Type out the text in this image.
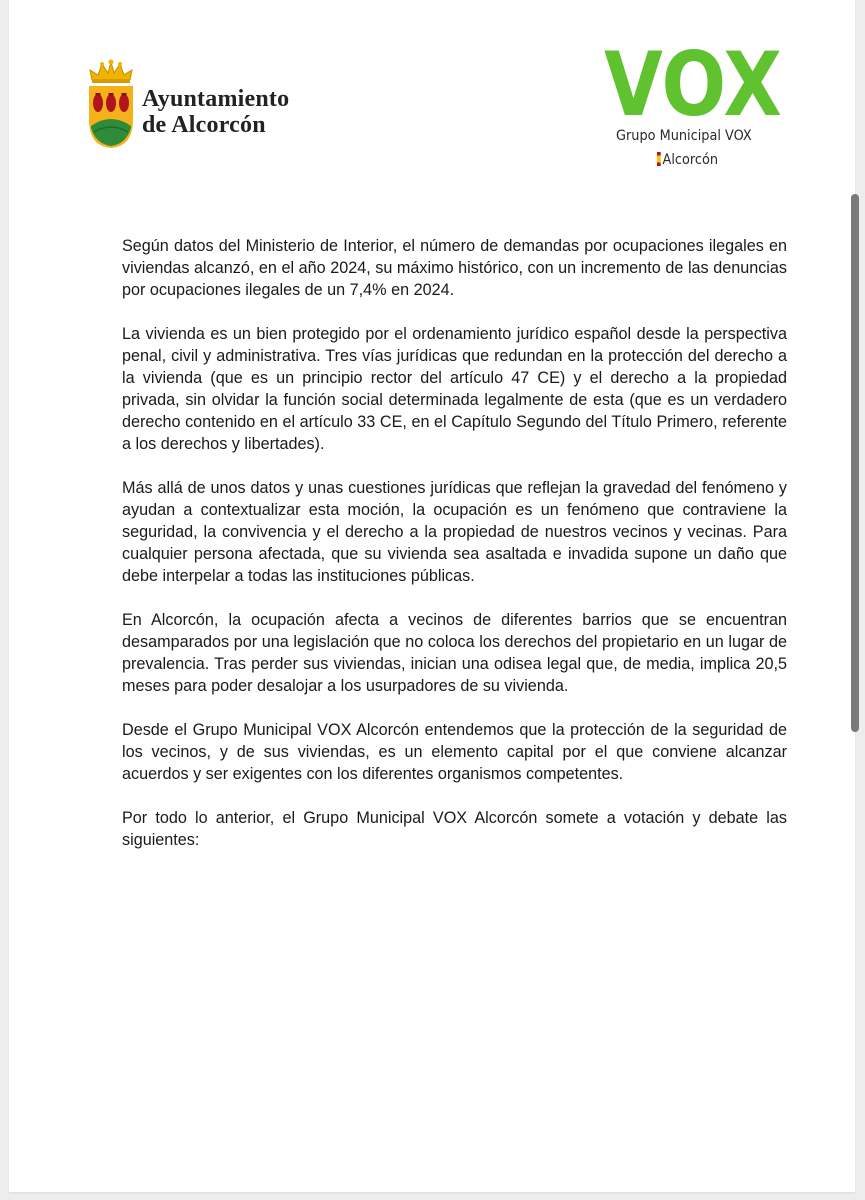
Ayuntamiento
de Alcorcón	VOX
Grupo Municipal VOX
Alcorcón

Según datos del Ministerio de Interior, el número de demandas por ocupaciones ilegales en viviendas alcanzó, en el año 2024, su máximo histórico, con un incremento de las denuncias por ocupaciones ilegales de un 7,4% en 2024.

La vivienda es un bien protegido por el ordenamiento jurídico español desde la perspectiva penal, civil y administrativa. Tres vías jurídicas que redundan en la protección del derecho a la vivienda (que es un principio rector del artículo 47 CE) y el derecho a la propiedad privada, sin olvidar la función social determinada legalmente de esta (que es un verdadero derecho contenido en el artículo 33 CE, en el Capítulo Segundo del Título Primero, referente a los derechos y libertades).

Más allá de unos datos y unas cuestiones jurídicas que reflejan la gravedad del fenómeno y ayudan a contextualizar esta moción, la ocupación es un fenómeno que contraviene la seguridad, la convivencia y el derecho a la propiedad de nuestros vecinos y vecinas. Para cualquier persona afectada, que su vivienda sea asaltada e invadida supone un daño que debe interpelar a todas las instituciones públicas.

En Alcorcón, la ocupación afecta a vecinos de diferentes barrios que se encuentran desamparados por una legislación que no coloca los derechos del propietario en un lugar de prevalencia. Tras perder sus viviendas, inician una odisea legal que, de media, implica 20,5 meses para poder desalojar a los usurpadores de su vivienda.

Desde el Grupo Municipal VOX Alcorcón entendemos que la protección de la seguridad de los vecinos, y de sus viviendas, es un elemento capital por el que conviene alcanzar acuerdos y ser exigentes con los diferentes organismos competentes.

Por todo lo anterior, el Grupo Municipal VOX Alcorcón somete a votación y debate las siguientes:
